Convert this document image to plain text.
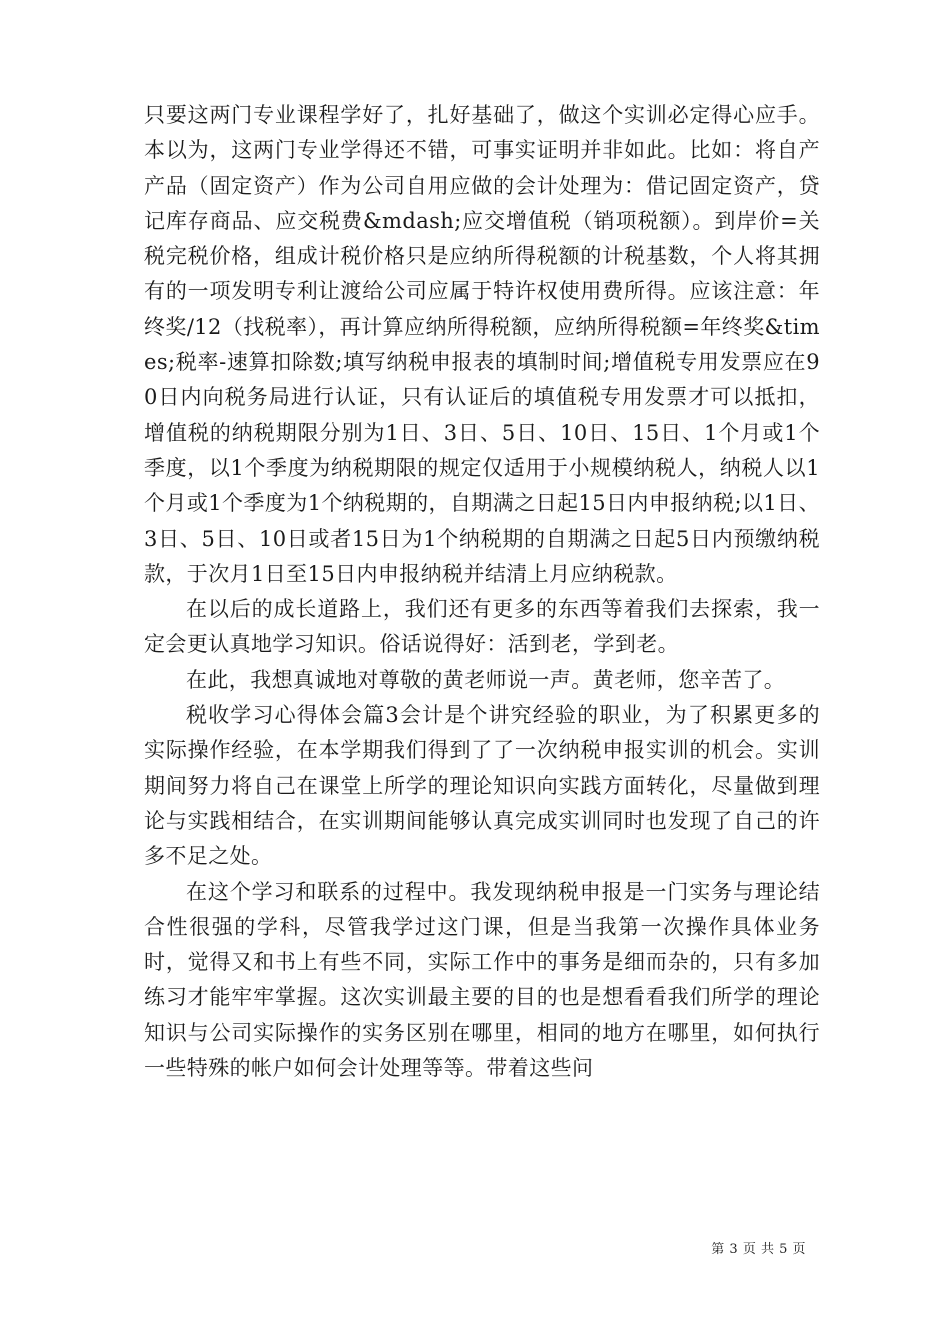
只要这两门专业课程学好了，扎好基础了，做这个实训必定得心应手。本以为，这两门专业学得还不错，可事实证明并非如此。比如：将自产产品（固定资产）作为公司自用应做的会计处理为：借记固定资产，贷记库存商品、应交税费&mdash;应交增值税（销项税额）。到岸价=关税完税价格，组成计税价格只是应纳所得税额的计税基数，个人将其拥有的一项发明专利让渡给公司应属于特许权使用费所得。应该注意：年终奖/12（找税率），再计算应纳所得税额，应纳所得税额=年终奖&times;税率-速算扣除数;填写纳税申报表的填制时间;增值税专用发票应在90日内向税务局进行认证，只有认证后的填值税专用发票才可以抵扣，增值税的纳税期限分别为1日、3日、5日、10日、15日、1个月或1个季度，以1个季度为纳税期限的规定仅适用于小规模纳税人，纳税人以1个月或1个季度为1个纳税期的，自期满之日起15日内申报纳税;以1日、3日、5日、10日或者15日为1个纳税期的自期满之日起5日内预缴纳税款，于次月1日至15日内申报纳税并结清上月应纳税款。

在以后的成长道路上，我们还有更多的东西等着我们去探索，我一定会更认真地学习知识。俗话说得好：活到老，学到老。

在此，我想真诚地对尊敬的黄老师说一声。黄老师，您辛苦了。

税收学习心得体会篇3会计是个讲究经验的职业，为了积累更多的实际操作经验，在本学期我们得到了了一次纳税申报实训的机会。实训期间努力将自己在课堂上所学的理论知识向实践方面转化，尽量做到理论与实践相结合，在实训期间能够认真完成实训同时也发现了自己的许多不足之处。

在这个学习和联系的过程中。我发现纳税申报是一门实务与理论结合性很强的学科，尽管我学过这门课，但是当我第一次操作具体业务时，觉得又和书上有些不同，实际工作中的事务是细而杂的，只有多加练习才能牢牢掌握。这次实训最主要的目的也是想看看我们所学的理论知识与公司实际操作的实务区别在哪里，相同的地方在哪里，如何执行一些特殊的帐户如何会计处理等等。带着这些问

第 3 页 共 5 页
